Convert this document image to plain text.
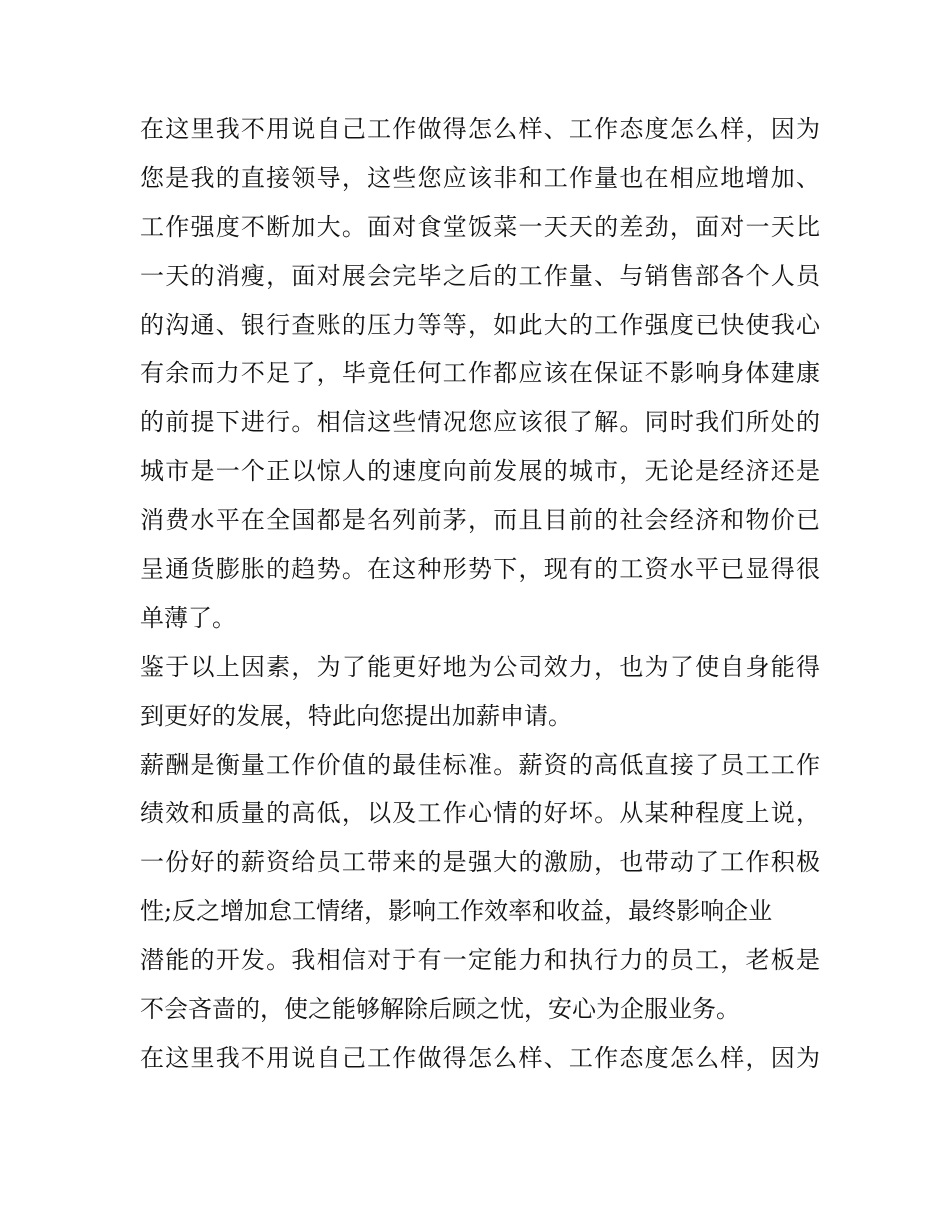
在这里我不用说自己工作做得怎么样、工作态度怎么样，因为
您是我的直接领导，这些您应该非和工作量也在相应地增加、
工作强度不断加大。面对食堂饭菜一天天的差劲，面对一天比
一天的消瘦，面对展会完毕之后的工作量、与销售部各个人员
的沟通、银行查账的压力等等，如此大的工作强度已快使我心
有余而力不足了，毕竟任何工作都应该在保证不影响身体建康
的前提下进行。相信这些情况您应该很了解。同时我们所处的
城市是一个正以惊人的速度向前发展的城市，无论是经济还是
消费水平在全国都是名列前茅，而且目前的社会经济和物价已
呈通货膨胀的趋势。在这种形势下，现有的工资水平已显得很
单薄了。
鉴于以上因素，为了能更好地为公司效力，也为了使自身能得
到更好的发展，特此向您提出加薪申请。
薪酬是衡量工作价值的最佳标准。薪资的高低直接了员工工作
绩效和质量的高低，以及工作心情的好坏。从某种程度上说，
一份好的薪资给员工带来的是强大的激励，也带动了工作积极
性;反之增加怠工情绪，影响工作效率和收益，最终影响企业
潜能的开发。我相信对于有一定能力和执行力的员工，老板是
不会吝啬的，使之能够解除后顾之忧，安心为企服业务。
在这里我不用说自己工作做得怎么样、工作态度怎么样，因为
